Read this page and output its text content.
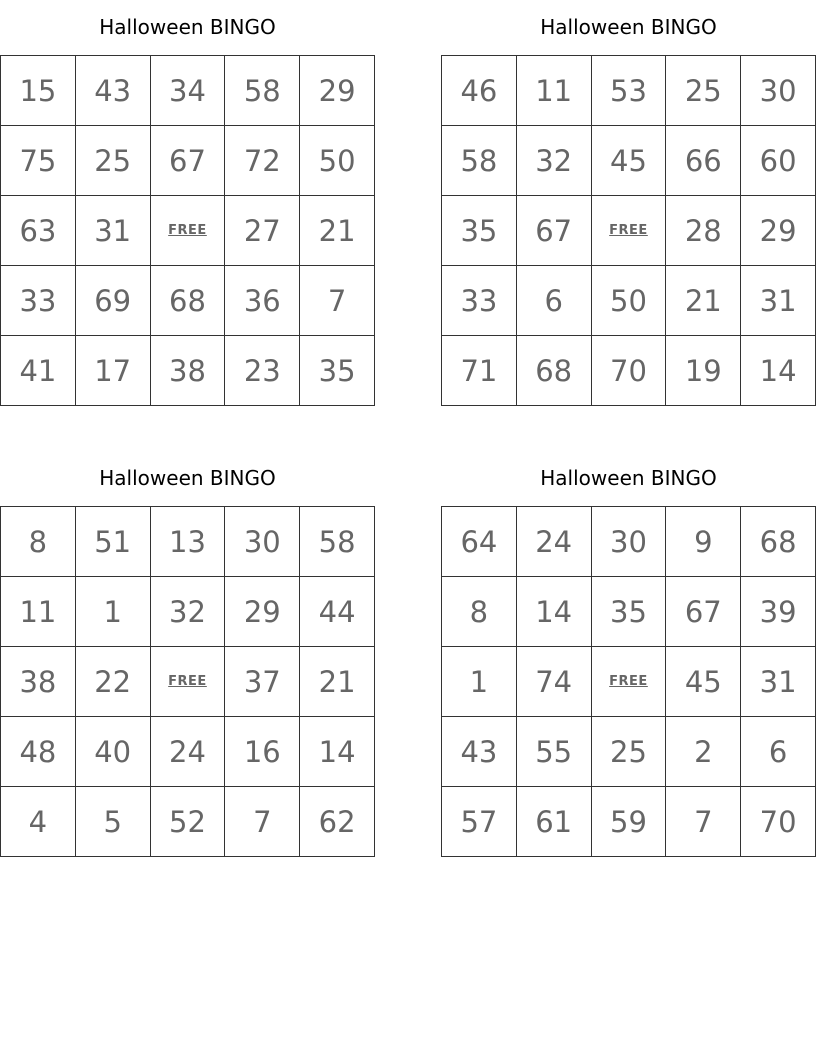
Halloween BINGO
15	43	34	58	29
75	25	67	72	50
63	31	FREE	27	21
33	69	68	36	7
41	17	38	23	35
Halloween BINGO
46	11	53	25	30
58	32	45	66	60
35	67	FREE	28	29
33	6	50	21	31
71	68	70	19	14
Halloween BINGO
8	51	13	30	58
11	1	32	29	44
38	22	FREE	37	21
48	40	24	16	14
4	5	52	7	62
Halloween BINGO
64	24	30	9	68
8	14	35	67	39
1	74	FREE	45	31
43	55	25	2	6
57	61	59	7	70
